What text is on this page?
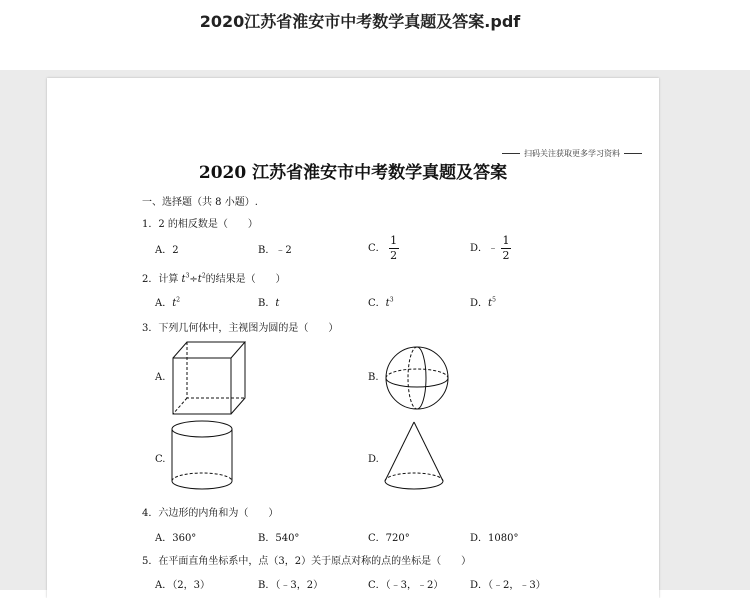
2020江苏省淮安市中考数学真题及答案.pdf
扫码关注获取更多学习资料
2020 江苏省淮安市中考数学真题及答案
一、选择题（共 8 小题）.
1．2 的相反数是（　　）
A．2	B．﹣2	C． $\frac{1}{2}$	D．﹣ $\frac{1}{2}$
2．计算 $t^3\div t^2$的结果是（　　）
A．$t^2$	B．t	C．$t^3$	D．$t^5$
3．下列几何体中，主视图为圆的是（　　）
A.	B.
C.	D.
4．六边形的内角和为（　　）
A．360°	B．540°	C．720°	D．1080°
5．在平面直角坐标系中，点（3，2）关于原点对称的点的坐标是（　　）
A．（2，3）	B．（﹣3，2）	C．（﹣3，﹣2）	D．（﹣2，﹣3）
